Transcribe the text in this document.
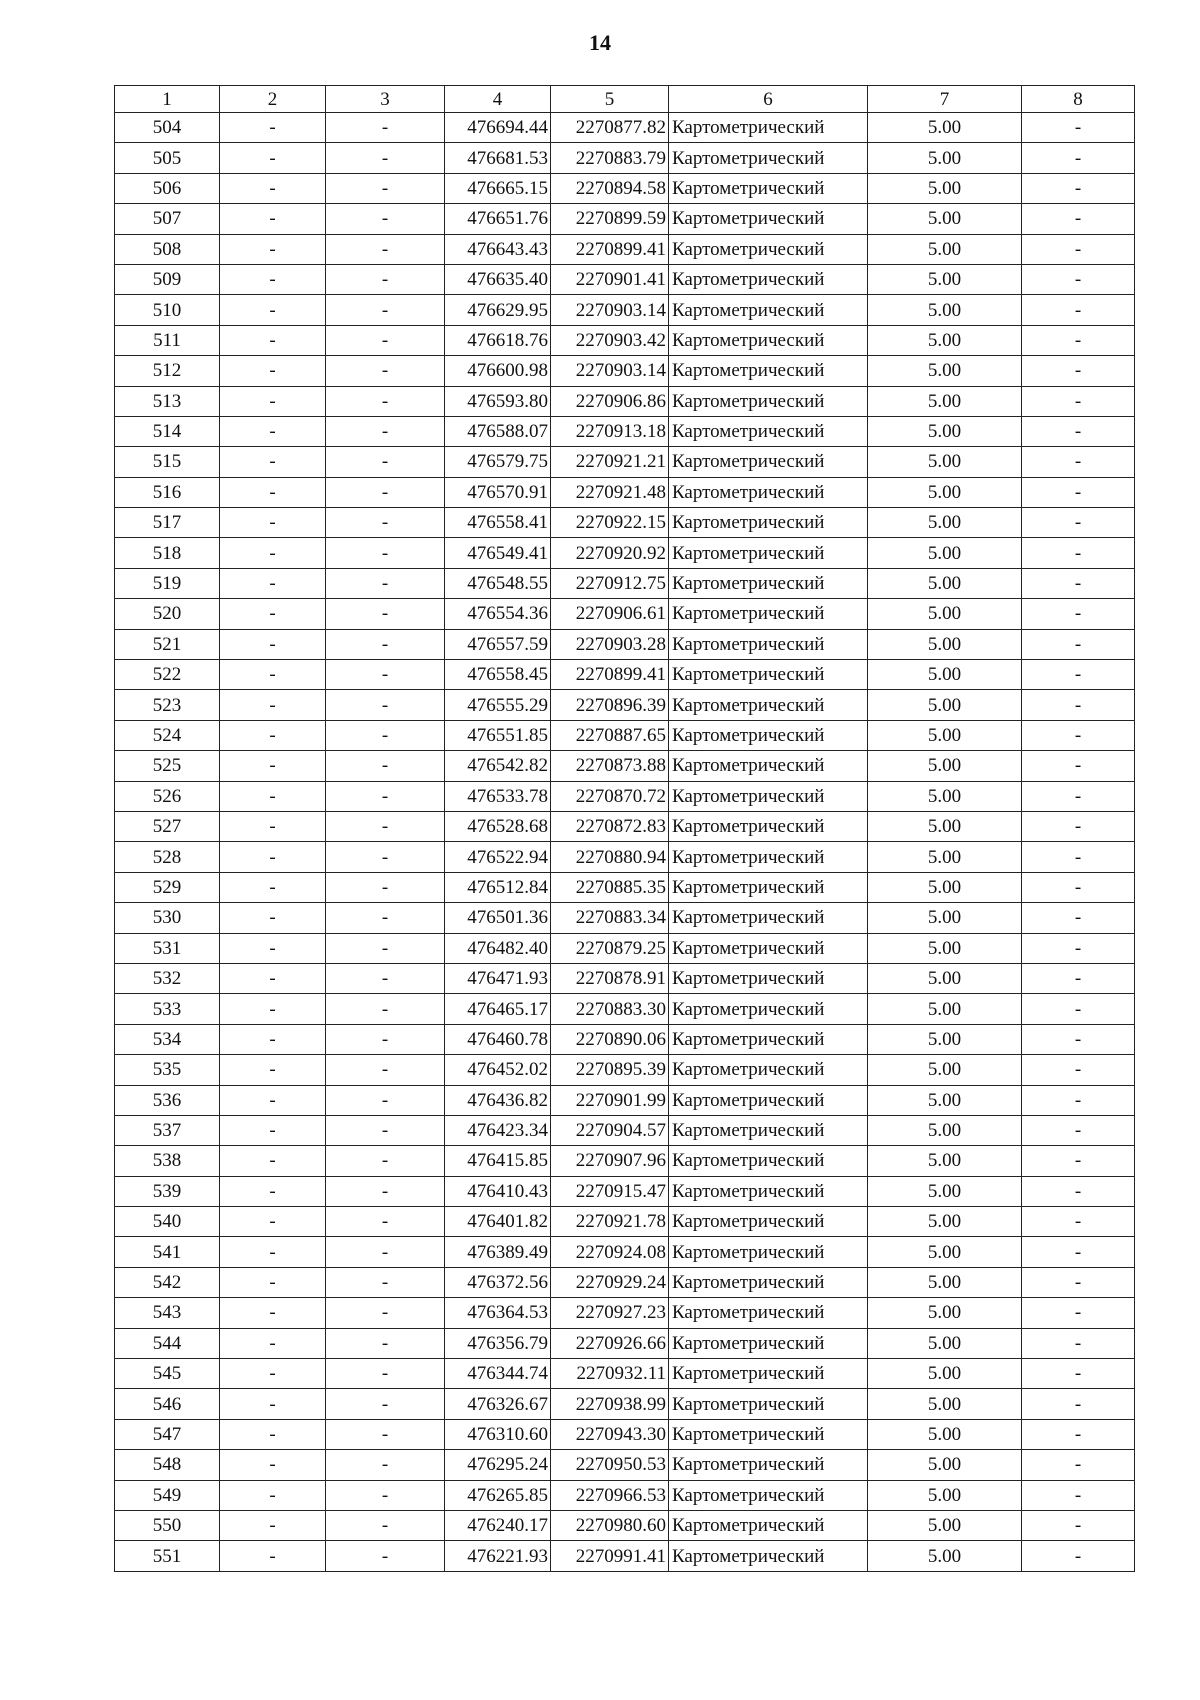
14
1	2	3	4	5	6	7	8
504	-	-	476694.44	2270877.82	Картометрический	5.00	-
505	-	-	476681.53	2270883.79	Картометрический	5.00	-
506	-	-	476665.15	2270894.58	Картометрический	5.00	-
507	-	-	476651.76	2270899.59	Картометрический	5.00	-
508	-	-	476643.43	2270899.41	Картометрический	5.00	-
509	-	-	476635.40	2270901.41	Картометрический	5.00	-
510	-	-	476629.95	2270903.14	Картометрический	5.00	-
511	-	-	476618.76	2270903.42	Картометрический	5.00	-
512	-	-	476600.98	2270903.14	Картометрический	5.00	-
513	-	-	476593.80	2270906.86	Картометрический	5.00	-
514	-	-	476588.07	2270913.18	Картометрический	5.00	-
515	-	-	476579.75	2270921.21	Картометрический	5.00	-
516	-	-	476570.91	2270921.48	Картометрический	5.00	-
517	-	-	476558.41	2270922.15	Картометрический	5.00	-
518	-	-	476549.41	2270920.92	Картометрический	5.00	-
519	-	-	476548.55	2270912.75	Картометрический	5.00	-
520	-	-	476554.36	2270906.61	Картометрический	5.00	-
521	-	-	476557.59	2270903.28	Картометрический	5.00	-
522	-	-	476558.45	2270899.41	Картометрический	5.00	-
523	-	-	476555.29	2270896.39	Картометрический	5.00	-
524	-	-	476551.85	2270887.65	Картометрический	5.00	-
525	-	-	476542.82	2270873.88	Картометрический	5.00	-
526	-	-	476533.78	2270870.72	Картометрический	5.00	-
527	-	-	476528.68	2270872.83	Картометрический	5.00	-
528	-	-	476522.94	2270880.94	Картометрический	5.00	-
529	-	-	476512.84	2270885.35	Картометрический	5.00	-
530	-	-	476501.36	2270883.34	Картометрический	5.00	-
531	-	-	476482.40	2270879.25	Картометрический	5.00	-
532	-	-	476471.93	2270878.91	Картометрический	5.00	-
533	-	-	476465.17	2270883.30	Картометрический	5.00	-
534	-	-	476460.78	2270890.06	Картометрический	5.00	-
535	-	-	476452.02	2270895.39	Картометрический	5.00	-
536	-	-	476436.82	2270901.99	Картометрический	5.00	-
537	-	-	476423.34	2270904.57	Картометрический	5.00	-
538	-	-	476415.85	2270907.96	Картометрический	5.00	-
539	-	-	476410.43	2270915.47	Картометрический	5.00	-
540	-	-	476401.82	2270921.78	Картометрический	5.00	-
541	-	-	476389.49	2270924.08	Картометрический	5.00	-
542	-	-	476372.56	2270929.24	Картометрический	5.00	-
543	-	-	476364.53	2270927.23	Картометрический	5.00	-
544	-	-	476356.79	2270926.66	Картометрический	5.00	-
545	-	-	476344.74	2270932.11	Картометрический	5.00	-
546	-	-	476326.67	2270938.99	Картометрический	5.00	-
547	-	-	476310.60	2270943.30	Картометрический	5.00	-
548	-	-	476295.24	2270950.53	Картометрический	5.00	-
549	-	-	476265.85	2270966.53	Картометрический	5.00	-
550	-	-	476240.17	2270980.60	Картометрический	5.00	-
551	-	-	476221.93	2270991.41	Картометрический	5.00	-
